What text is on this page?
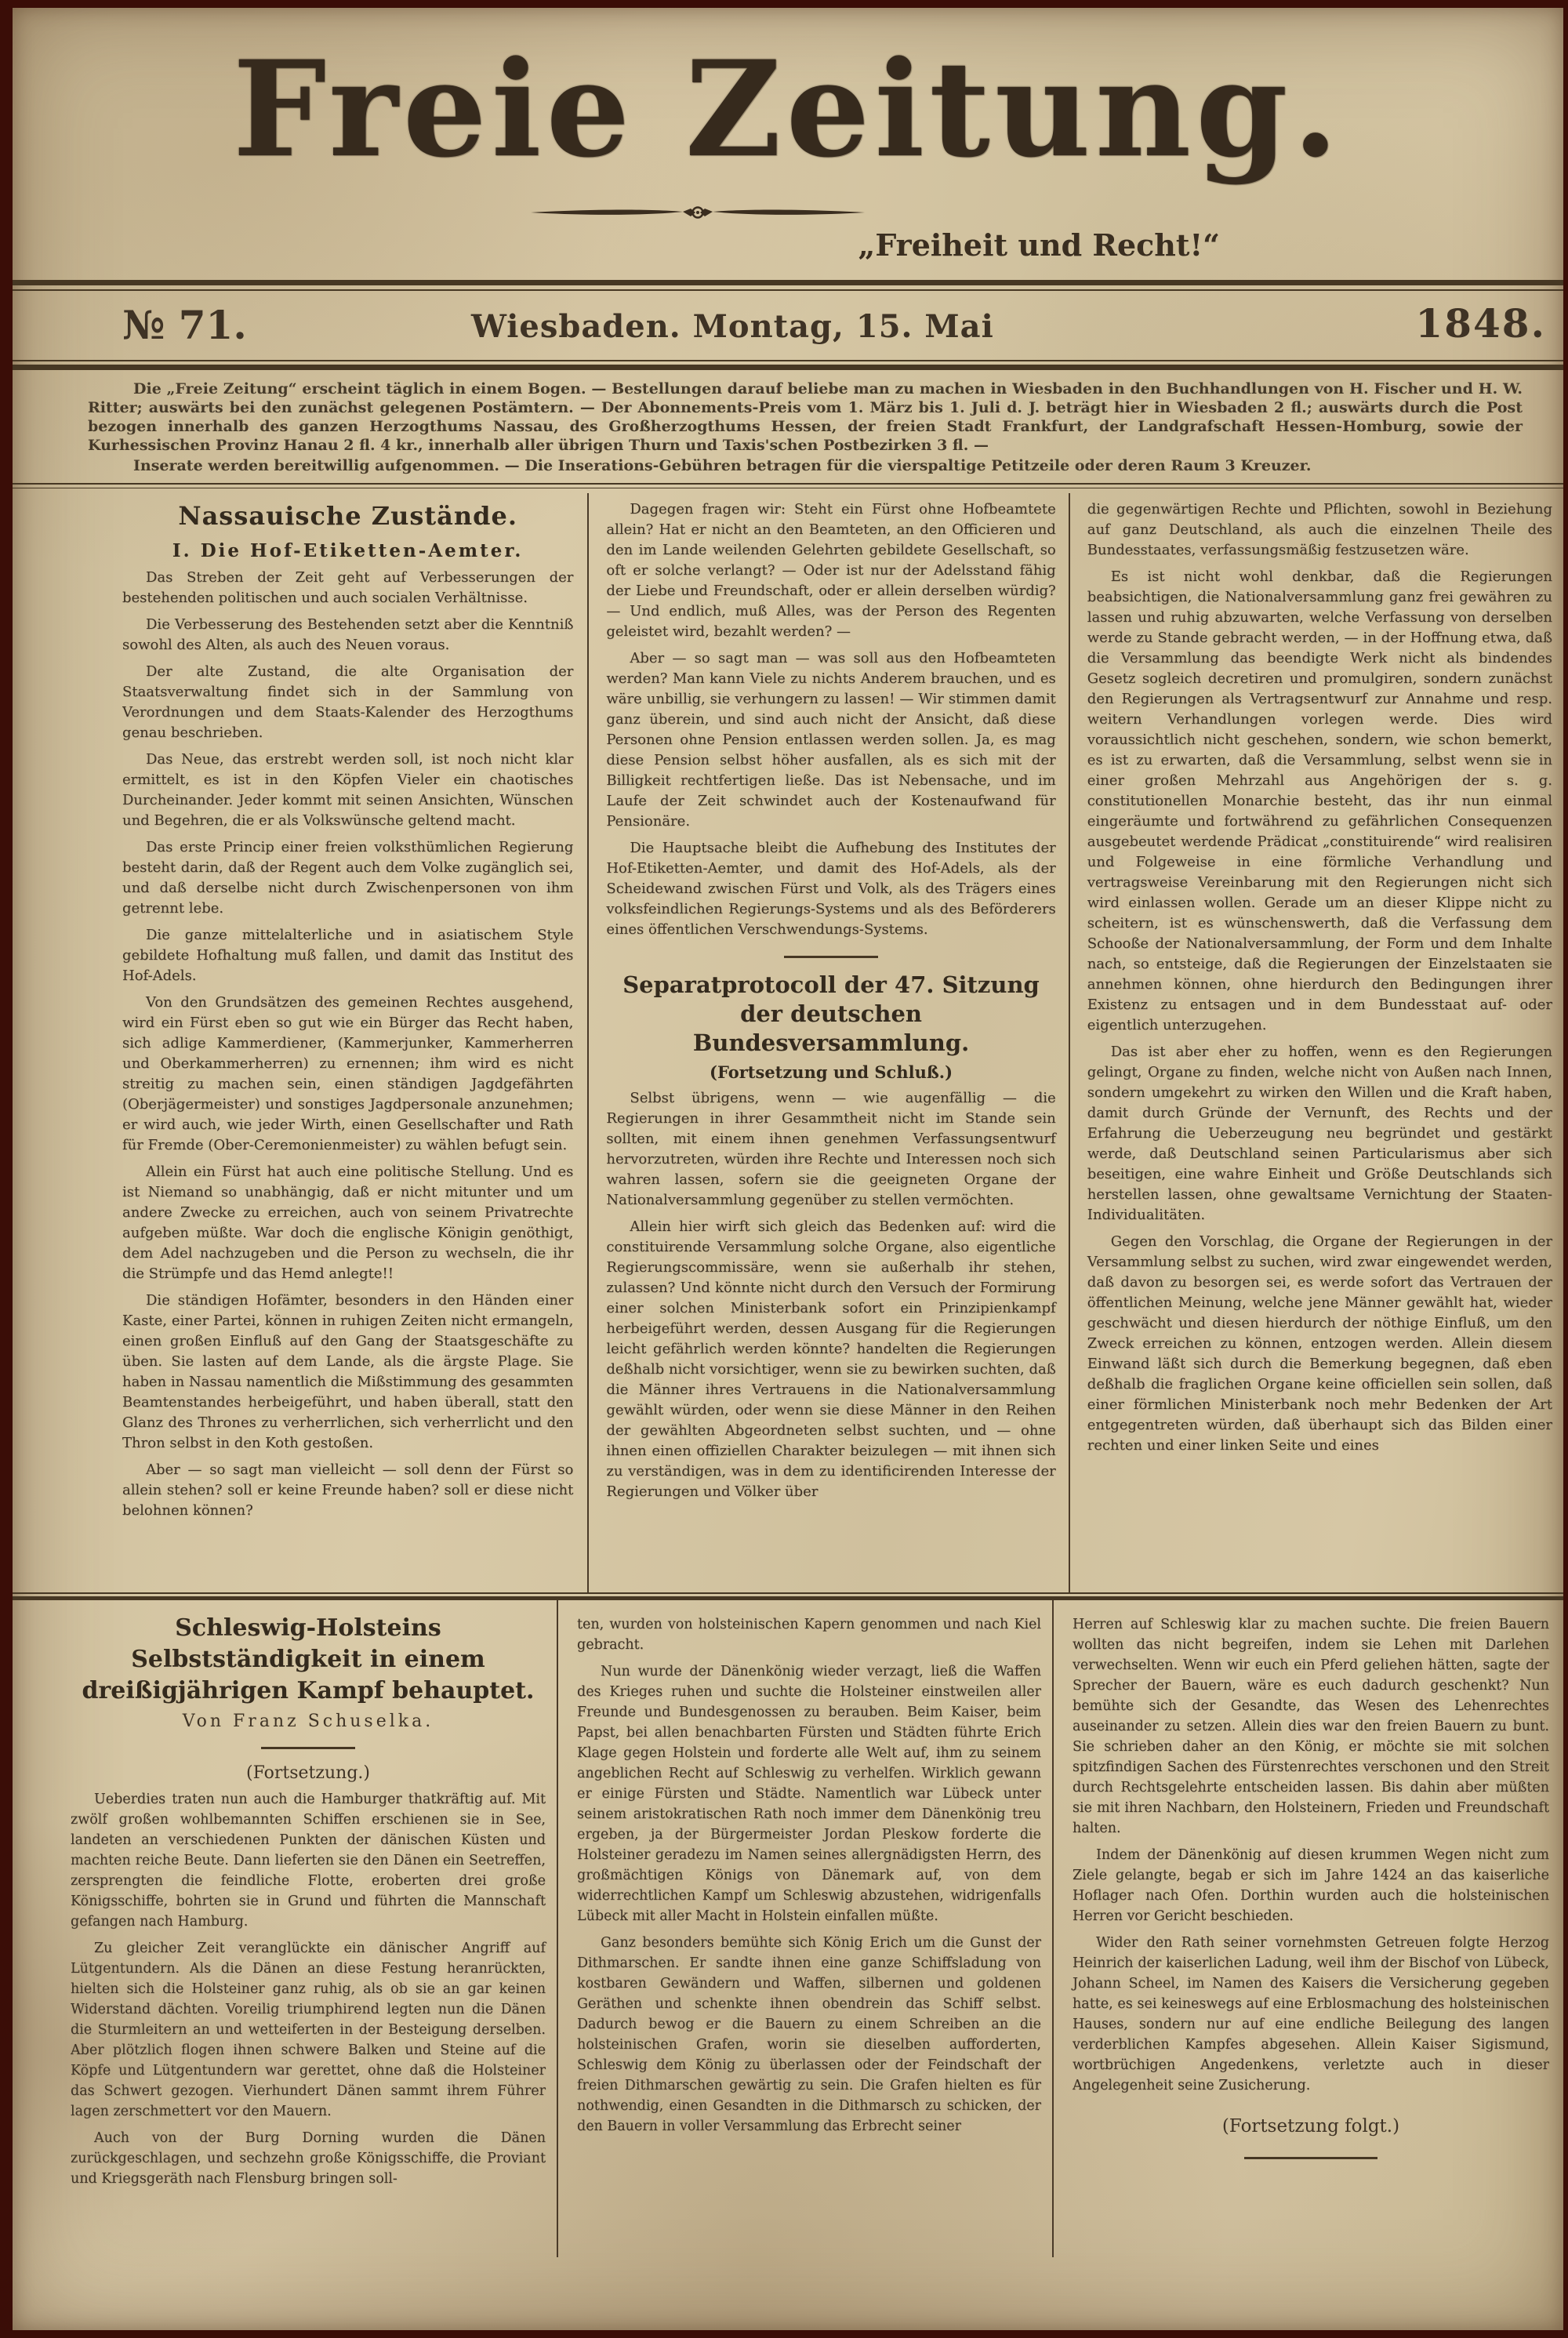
Freie Zeitung.
„Freiheit und Recht!“
№ 71.	Wiesbaden. Montag, 15. Mai	1848.

Die „Freie Zeitung“ erscheint täglich in einem Bogen. — Bestellungen darauf beliebe man zu machen in Wiesbaden in den Buchhandlungen von H. Fischer und H. W. Ritter; auswärts bei den zunächst gelegenen Postämtern. — Der Abonnements-Preis vom 1. März bis 1. Juli d. J. beträgt hier in Wiesbaden 2 fl.; auswärts durch die Post bezogen innerhalb des ganzen Herzogthums Nassau, des Großherzogthums Hessen, der freien Stadt Frankfurt, der Landgrafschaft Hessen-Homburg, sowie der Kurhessischen Provinz Hanau 2 fl. 4 kr., innerhalb aller übrigen Thurn und Taxis'schen Postbezirken 3 fl. —

Inserate werden bereitwillig aufgenommen. — Die Inserations-Gebühren betragen für die vierspaltige Petitzeile oder deren Raum 3 Kreuzer.

Nassauische Zustände.
I. Die Hof-Etiketten-Aemter.

Das Streben der Zeit geht auf Verbesserungen der bestehenden politischen und auch socialen Verhältnisse.

Die Verbesserung des Bestehenden setzt aber die Kenntniß sowohl des Alten, als auch des Neuen voraus.

Der alte Zustand, die alte Organisation der Staatsverwaltung findet sich in der Sammlung von Verordnungen und dem Staats-Kalender des Herzogthums genau beschrieben.

Das Neue, das erstrebt werden soll, ist noch nicht klar ermittelt, es ist in den Köpfen Vieler ein chaotisches Durcheinander. Jeder kommt mit seinen Ansichten, Wünschen und Begehren, die er als Volkswünsche geltend macht.

Das erste Princip einer freien volksthümlichen Regierung besteht darin, daß der Regent auch dem Volke zugänglich sei, und daß derselbe nicht durch Zwischenpersonen von ihm getrennt lebe.

Die ganze mittelalterliche und in asiatischem Style gebildete Hofhaltung muß fallen, und damit das Institut des Hof-Adels.

Von den Grundsätzen des gemeinen Rechtes ausgehend, wird ein Fürst eben so gut wie ein Bürger das Recht haben, sich adlige Kammerdiener, (Kammerjunker, Kammerherren und Oberkammerherren) zu ernennen; ihm wird es nicht streitig zu machen sein, einen ständigen Jagdgefährten (Oberjägermeister) und sonstiges Jagdpersonale anzunehmen; er wird auch, wie jeder Wirth, einen Gesellschafter und Rath für Fremde (Ober-Ceremonienmeister) zu wählen befugt sein.

Allein ein Fürst hat auch eine politische Stellung. Und es ist Niemand so unabhängig, daß er nicht mitunter und um andere Zwecke zu erreichen, auch von seinem Privatrechte aufgeben müßte. War doch die englische Königin genöthigt, dem Adel nachzugeben und die Person zu wechseln, die ihr die Strümpfe und das Hemd anlegte!!

Die ständigen Hofämter, besonders in den Händen einer Kaste, einer Partei, können in ruhigen Zeiten nicht ermangeln, einen großen Einfluß auf den Gang der Staatsgeschäfte zu üben. Sie lasten auf dem Lande, als die ärgste Plage. Sie haben in Nassau namentlich die Mißstimmung des gesammten Beamtenstandes herbeigeführt, und haben überall, statt den Glanz des Thrones zu verherrlichen, sich verherrlicht und den Thron selbst in den Koth gestoßen.

Aber — so sagt man vielleicht — soll denn der Fürst so allein stehen? soll er keine Freunde haben? soll er diese nicht belohnen können?

Dagegen fragen wir: Steht ein Fürst ohne Hofbeamtete allein? Hat er nicht an den Beamteten, an den Officieren und den im Lande weilenden Gelehrten gebildete Gesellschaft, so oft er solche verlangt? — Oder ist nur der Adelsstand fähig der Liebe und Freundschaft, oder er allein derselben würdig? — Und endlich, muß Alles, was der Person des Regenten geleistet wird, bezahlt werden? —

Aber — so sagt man — was soll aus den Hofbeamteten werden? Man kann Viele zu nichts Anderem brauchen, und es wäre unbillig, sie verhungern zu lassen! — Wir stimmen damit ganz überein, und sind auch nicht der Ansicht, daß diese Personen ohne Pension entlassen werden sollen. Ja, es mag diese Pension selbst höher ausfallen, als es sich mit der Billigkeit rechtfertigen ließe. Das ist Nebensache, und im Laufe der Zeit schwindet auch der Kostenaufwand für Pensionäre.

Die Hauptsache bleibt die Aufhebung des Institutes der Hof-Etiketten-Aemter, und damit des Hof-Adels, als der Scheidewand zwischen Fürst und Volk, als des Trägers eines volksfeindlichen Regierungs-Systems und als des Beförderers eines öffentlichen Verschwendungs-Systems.

Separatprotocoll der 47. Sitzung der deutschen Bundesversammlung.
(Fortsetzung und Schluß.)

Selbst übrigens, wenn — wie augenfällig — die Regierungen in ihrer Gesammtheit nicht im Stande sein sollten, mit einem ihnen genehmen Verfassungsentwurf hervorzutreten, würden ihre Rechte und Interessen noch sich wahren lassen, sofern sie die geeigneten Organe der Nationalversammlung gegenüber zu stellen vermöchten.

Allein hier wirft sich gleich das Bedenken auf: wird die constituirende Versammlung solche Organe, also eigentliche Regierungscommissäre, wenn sie außerhalb ihr stehen, zulassen? Und könnte nicht durch den Versuch der Formirung einer solchen Ministerbank sofort ein Prinzipienkampf herbeigeführt werden, dessen Ausgang für die Regierungen leicht gefährlich werden könnte? handelten die Regierungen deßhalb nicht vorsichtiger, wenn sie zu bewirken suchten, daß die Männer ihres Vertrauens in die Nationalversammlung gewählt würden, oder wenn sie diese Männer in den Reihen der gewählten Abgeordneten selbst suchten, und — ohne ihnen einen offiziellen Charakter beizulegen — mit ihnen sich zu verständigen, was in dem zu identificirenden Interesse der Regierungen und Völker über

die gegenwärtigen Rechte und Pflichten, sowohl in Beziehung auf ganz Deutschland, als auch die einzelnen Theile des Bundesstaates, verfassungsmäßig festzusetzen wäre.

Es ist nicht wohl denkbar, daß die Regierungen beabsichtigen, die Nationalversammlung ganz frei gewähren zu lassen und ruhig abzuwarten, welche Verfassung von derselben werde zu Stande gebracht werden, — in der Hoffnung etwa, daß die Versammlung das beendigte Werk nicht als bindendes Gesetz sogleich decretiren und promulgiren, sondern zunächst den Regierungen als Vertragsentwurf zur Annahme und resp. weitern Verhandlungen vorlegen werde. Dies wird voraussichtlich nicht geschehen, sondern, wie schon bemerkt, es ist zu erwarten, daß die Versammlung, selbst wenn sie in einer großen Mehrzahl aus Angehörigen der s. g. constitutionellen Monarchie besteht, das ihr nun einmal eingeräumte und fortwährend zu gefährlichen Consequenzen ausgebeutet werdende Prädicat „constituirende“ wird realisiren und Folgeweise in eine förmliche Verhandlung und vertragsweise Vereinbarung mit den Regierungen nicht sich wird einlassen wollen. Gerade um an dieser Klippe nicht zu scheitern, ist es wünschenswerth, daß die Verfassung dem Schooße der Nationalversammlung, der Form und dem Inhalte nach, so entsteige, daß die Regierungen der Einzelstaaten sie annehmen können, ohne hierdurch den Bedingungen ihrer Existenz zu entsagen und in dem Bundesstaat auf- oder eigentlich unterzugehen.

Das ist aber eher zu hoffen, wenn es den Regierungen gelingt, Organe zu finden, welche nicht von Außen nach Innen, sondern umgekehrt zu wirken den Willen und die Kraft haben, damit durch Gründe der Vernunft, des Rechts und der Erfahrung die Ueberzeugung neu begründet und gestärkt werde, daß Deutschland seinen Particularismus aber sich beseitigen, eine wahre Einheit und Größe Deutschlands sich herstellen lassen, ohne gewaltsame Vernichtung der Staaten-Individualitäten.

Gegen den Vorschlag, die Organe der Regierungen in der Versammlung selbst zu suchen, wird zwar eingewendet werden, daß davon zu besorgen sei, es werde sofort das Vertrauen der öffentlichen Meinung, welche jene Männer gewählt hat, wieder geschwächt und diesen hierdurch der nöthige Einfluß, um den Zweck erreichen zu können, entzogen werden. Allein diesem Einwand läßt sich durch die Bemerkung begegnen, daß eben deßhalb die fraglichen Organe keine officiellen sein sollen, daß einer förmlichen Ministerbank noch mehr Bedenken der Art entgegentreten würden, daß überhaupt sich das Bilden einer rechten und einer linken Seite und eines

Schleswig-Holsteins Selbstständigkeit in einem dreißigjährigen Kampf behauptet.
Von Franz Schuselka.
(Fortsetzung.)

Ueberdies traten nun auch die Hamburger thatkräftig auf. Mit zwölf großen wohlbemannten Schiffen erschienen sie in See, landeten an verschiedenen Punkten der dänischen Küsten und machten reiche Beute. Dann lieferten sie den Dänen ein Seetreffen, zersprengten die feindliche Flotte, eroberten drei große Königsschiffe, bohrten sie in Grund und führten die Mannschaft gefangen nach Hamburg.

Zu gleicher Zeit veranglückte ein dänischer Angriff auf Lütgentundern. Als die Dänen an diese Festung heranrückten, hielten sich die Holsteiner ganz ruhig, als ob sie an gar keinen Widerstand dächten. Voreilig triumphirend legten nun die Dänen die Sturmleitern an und wetteiferten in der Besteigung derselben. Aber plötzlich flogen ihnen schwere Balken und Steine auf die Köpfe und Lütgentundern war gerettet, ohne daß die Holsteiner das Schwert gezogen. Vierhundert Dänen sammt ihrem Führer lagen zerschmettert vor den Mauern.

Auch von der Burg Dorning wurden die Dänen zurückgeschlagen, und sechzehn große Königsschiffe, die Proviant und Kriegsgeräth nach Flensburg bringen soll-

ten, wurden von holsteinischen Kapern genommen und nach Kiel gebracht.

Nun wurde der Dänenkönig wieder verzagt, ließ die Waffen des Krieges ruhen und suchte die Holsteiner einstweilen aller Freunde und Bundesgenossen zu berauben. Beim Kaiser, beim Papst, bei allen benachbarten Fürsten und Städten führte Erich Klage gegen Holstein und forderte alle Welt auf, ihm zu seinem angeblichen Recht auf Schleswig zu verhelfen. Wirklich gewann er einige Fürsten und Städte. Namentlich war Lübeck unter seinem aristokratischen Rath noch immer dem Dänenkönig treu ergeben, ja der Bürgermeister Jordan Pleskow forderte die Holsteiner geradezu im Namen seines allergnädigsten Herrn, des großmächtigen Königs von Dänemark auf, von dem widerrechtlichen Kampf um Schleswig abzustehen, widrigenfalls Lübeck mit aller Macht in Holstein einfallen müßte.

Ganz besonders bemühte sich König Erich um die Gunst der Dithmarschen. Er sandte ihnen eine ganze Schiffsladung von kostbaren Gewändern und Waffen, silbernen und goldenen Geräthen und schenkte ihnen obendrein das Schiff selbst. Dadurch bewog er die Bauern zu einem Schreiben an die holsteinischen Grafen, worin sie dieselben aufforderten, Schleswig dem König zu überlassen oder der Feindschaft der freien Dithmarschen gewärtig zu sein. Die Grafen hielten es für nothwendig, einen Gesandten in die Dithmarsch zu schicken, der den Bauern in voller Versammlung das Erbrecht seiner

Herren auf Schleswig klar zu machen suchte. Die freien Bauern wollten das nicht begreifen, indem sie Lehen mit Darlehen verwechselten. Wenn wir euch ein Pferd geliehen hätten, sagte der Sprecher der Bauern, wäre es euch dadurch geschenkt? Nun bemühte sich der Gesandte, das Wesen des Lehenrechtes auseinander zu setzen. Allein dies war den freien Bauern zu bunt. Sie schrieben daher an den König, er möchte sie mit solchen spitzfindigen Sachen des Fürstenrechtes verschonen und den Streit durch Rechtsgelehrte entscheiden lassen. Bis dahin aber müßten sie mit ihren Nachbarn, den Holsteinern, Frieden und Freundschaft halten.

Indem der Dänenkönig auf diesen krummen Wegen nicht zum Ziele gelangte, begab er sich im Jahre 1424 an das kaiserliche Hoflager nach Ofen. Dorthin wurden auch die holsteinischen Herren vor Gericht beschieden.

Wider den Rath seiner vornehmsten Getreuen folgte Herzog Heinrich der kaiserlichen Ladung, weil ihm der Bischof von Lübeck, Johann Scheel, im Namen des Kaisers die Versicherung gegeben hatte, es sei keineswegs auf eine Erblosmachung des holsteinischen Hauses, sondern nur auf eine endliche Beilegung des langen verderblichen Kampfes abgesehen. Allein Kaiser Sigismund, wortbrüchigen Angedenkens, verletzte auch in dieser Angelegenheit seine Zusicherung.

(Fortsetzung folgt.)
